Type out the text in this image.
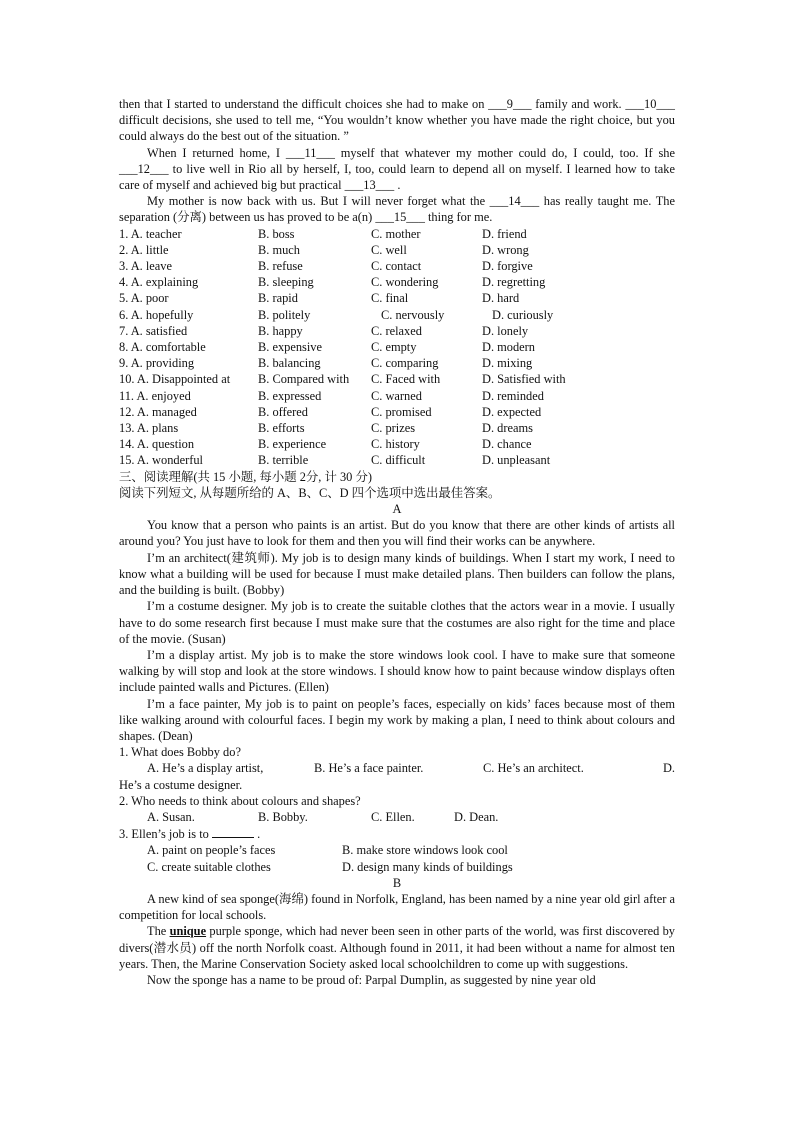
then that I started to understand the difficult choices she had to make on ___9___ family and work. ___10___ difficult decisions, she used to tell me, “You wouldn’t know whether you have made the right choice, but you could always do the best out of the situation. ”

When I returned home, I ___11___ myself that whatever my mother could do, I could, too. If she ___12___ to live well in Rio all by herself, I, too, could learn to depend all on myself. I learned how to take care of myself and achieved big but practical ___13___ .

My mother is now back with us. But I will never forget what the ___14___ has really taught me. The separation (分离) between us has proved to be a(n) ___15___ thing for me.

1. A. teacher	B. boss	C. mother	D. friend
2. A. little	B. much	C. well	D. wrong
3. A. leave	B. refuse	C. contact	D. forgive
4. A. explaining	B. sleeping	C. wondering	D. regretting
5. A. poor	B. rapid	C. final	D. hard
6. A. hopefully	B. politely	C. nervously	D. curiously
7. A. satisfied	B. happy	C. relaxed	D. lonely
8. A. comfortable	B. expensive	C. empty	D. modern
9. A. providing	B. balancing	C. comparing	D. mixing
10. A. Disappointed at	B. Compared with	C. Faced with	D. Satisfied with
11. A. enjoyed	B. expressed	C. warned	D. reminded
12. A. managed	B. offered	C. promised	D. expected
13. A. plans	B. efforts	C. prizes	D. dreams
14. A. question	B. experience	C. history	D. chance
15. A. wonderful	B. terrible	C. difficult	D. unpleasant

三、阅读理解(共 15 小题, 每小题 2分, 计 30 分)

阅读下列短文, 从每题所给的 A、B、C、D 四个选项中选出最佳答案。

A

You know that a person who paints is an artist. But do you know that there are other kinds of artists all around you? You just have to look for them and then you will find their works can be anywhere.

I’m an architect(建筑师). My job is to design many kinds of buildings. When I start my work, I need to know what a building will be used for because I must make detailed plans. Then builders can follow the plans, and the building is built. (Bobby)

I’m a costume designer. My job is to create the suitable clothes that the actors wear in a movie. I usually have to do some research first because I must make sure that the costumes are also right for the time and place of the movie. (Susan)

I’m a display artist. My job is to make the store windows look cool. I have to make sure that someone walking by will stop and look at the store windows. I should know how to paint because window displays often include painted walls and Pictures. (Ellen)

I’m a face painter, My job is to paint on people’s faces, especially on kids’ faces because most of them like walking around with colourful faces. I begin my work by making a plan, I need to think about colours and shapes. (Dean)

1. What does Bobby do?

A. He’s a display artist,	B. He’s a face painter.	C. He’s an architect.	D.

He’s a costume designer.

2. Who needs to think about colours and shapes?

A. Susan.	B. Bobby.	C. Ellen.	D. Dean.

3. Ellen’s job is to	.

A. paint on people’s faces	B. make store windows look cool
C. create suitable clothes	D. design many kinds of buildings

B

A new kind of sea sponge(海绵) found in Norfolk, England, has been named by a nine year old girl after a competition for local schools.

The unique purple sponge, which had never been seen in other parts of the world, was first discovered by divers(潜水员) off the north Norfolk coast. Although found in 2011, it had been without a name for almost ten years. Then, the Marine Conservation Society asked local schoolchildren to come up with suggestions.

Now the sponge has a name to be proud of: Parpal Dumplin, as suggested by nine year old
